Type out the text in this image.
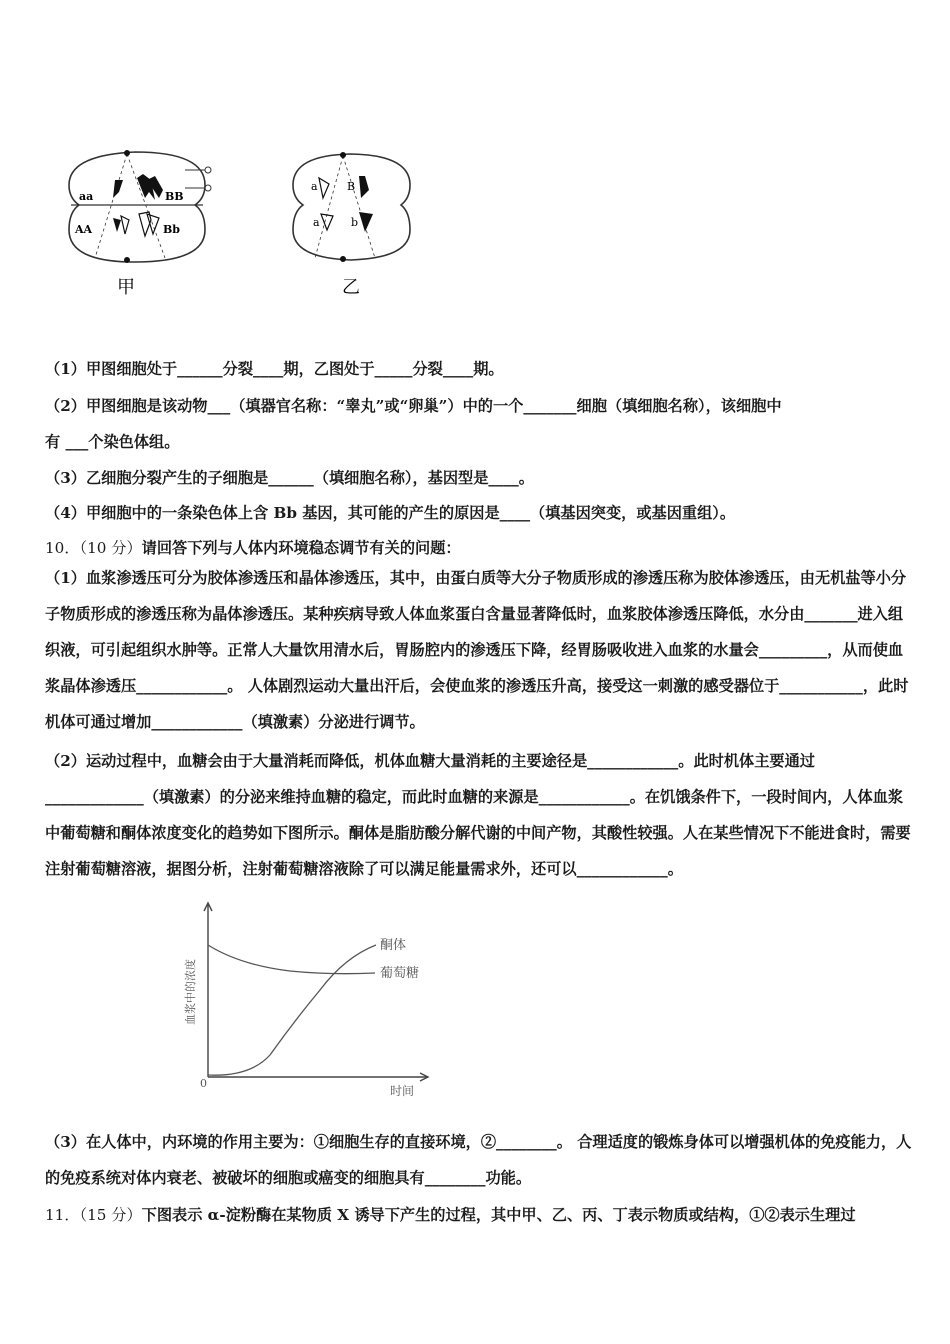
aa
AA
BB
Bb
甲
a	B
a	b
乙
（1）甲图细胞处于______分裂____期，乙图处于_____分裂____期。
（2）甲图细胞是该动物___（填器官名称：“睾丸”或“卵巢”）中的一个_______细胞（填细胞名称），该细胞中
有 ___个染色体组。
（3）乙细胞分裂产生的子细胞是______（填细胞名称），基因型是____。
（4）甲细胞中的一条染色体上含 Bb 基因，其可能的产生的原因是____（填基因突变，或基因重组）。
10．（10 分）请回答下列与人体内环境稳态调节有关的问题：
（1）血浆渗透压可分为胶体渗透压和晶体渗透压，其中，由蛋白质等大分子物质形成的渗透压称为胶体渗透压，由无机盐等小分子物质形成的渗透压称为晶体渗透压。某种疾病导致人体血浆蛋白含量显著降低时，血浆胶体渗透压降低，水分由_______进入组织液，可引起组织水肿等。正常人大量饮用清水后，胃肠腔内的渗透压下降，经胃肠吸收进入血浆的水量会_________，从而使血浆晶体渗透压____________。 人体剧烈运动大量出汗后，会使血浆的渗透压升高，接受这一刺激的感受器位于___________，此时机体可通过增加____________（填激素）分泌进行调节。
（2）运动过程中，血糖会由于大量消耗而降低，机体血糖大量消耗的主要途径是____________。此时机体主要通过_____________（填激素）的分泌来维持血糖的稳定，而此时血糖的来源是____________。在饥饿条件下，一段时间内，人体血浆中葡萄糖和酮体浓度变化的趋势如下图所示。酮体是脂肪酸分解代谢的中间产物，其酸性较强。人在某些情况下不能进食时，需要注射葡萄糖溶液，据图分析，注射葡萄糖溶液除了可以满足能量需求外，还可以____________。
酮体
葡萄糖
0
时间
血浆中的浓度
（3）在人体中，内环境的作用主要为：①细胞生存的直接环境，②________。 合理适度的锻炼身体可以增强机体的免疫能力，人的免疫系统对体内衰老、被破坏的细胞或癌变的细胞具有________功能。
11．（15 分）下图表示 α-淀粉酶在某物质 X 诱导下产生的过程，其中甲、乙、丙、丁表示物质或结构，①②表示生理过
